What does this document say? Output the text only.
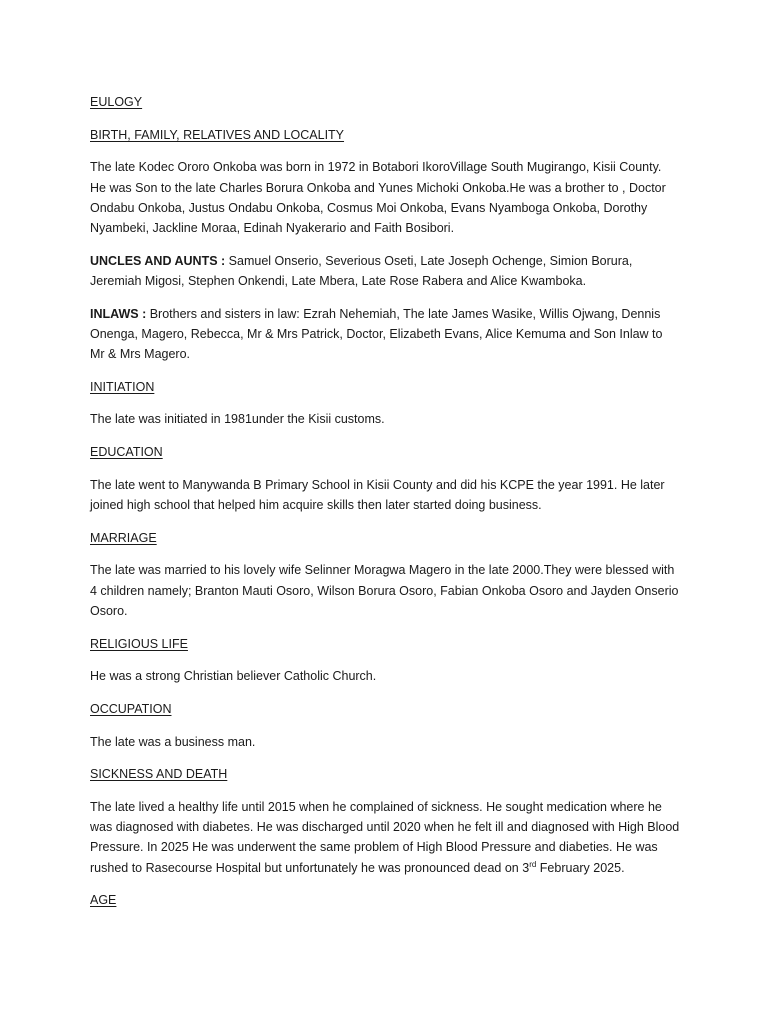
EULOGY

BIRTH, FAMILY, RELATIVES AND LOCALITY

The late Kodec Ororo Onkoba was born in 1972 in Botabori IkoroVillage South Mugirango, Kisii County. He was Son to the late Charles Borura Onkoba and Yunes Michoki Onkoba.He was a brother to , Doctor Ondabu Onkoba, Justus Ondabu Onkoba, Cosmus Moi Onkoba, Evans Nyamboga Onkoba, Dorothy Nyambeki, Jackline Moraa, Edinah Nyakerario and Faith Bosibori.

UNCLES AND AUNTS : Samuel Onserio, Severious Oseti, Late Joseph Ochenge, Simion Borura, Jeremiah Migosi, Stephen Onkendi, Late Mbera, Late Rose Rabera and Alice Kwamboka.

INLAWS : Brothers and sisters in law: Ezrah Nehemiah, The late James Wasike, Willis Ojwang, Dennis Onenga, Magero, Rebecca, Mr & Mrs Patrick, Doctor, Elizabeth Evans, Alice Kemuma and Son Inlaw to Mr & Mrs Magero.

INITIATION

The late was initiated in 1981under the Kisii customs.

EDUCATION

The late went to Manywanda B Primary School in Kisii County and did his KCPE the year 1991. He later joined high school that helped him acquire skills then later started doing business.

MARRIAGE

The late was married to his lovely wife Selinner Moragwa Magero in the late 2000.They were blessed with 4 children namely; Branton Mauti Osoro, Wilson Borura Osoro, Fabian Onkoba Osoro and Jayden Onserio Osoro.

RELIGIOUS LIFE

He was a strong Christian believer Catholic Church.

OCCUPATION

The late was a business man.

SICKNESS AND DEATH

The late lived a healthy life until 2015 when he complained of sickness. He sought medication where he was diagnosed with diabetes. He was discharged until 2020 when he felt ill and diagnosed with High Blood Pressure. In 2025 He was underwent the same problem of High Blood Pressure and diabeties. He was rushed to Rasecourse Hospital but unfortunately he was pronounced dead on 3rd February 2025.

AGE
